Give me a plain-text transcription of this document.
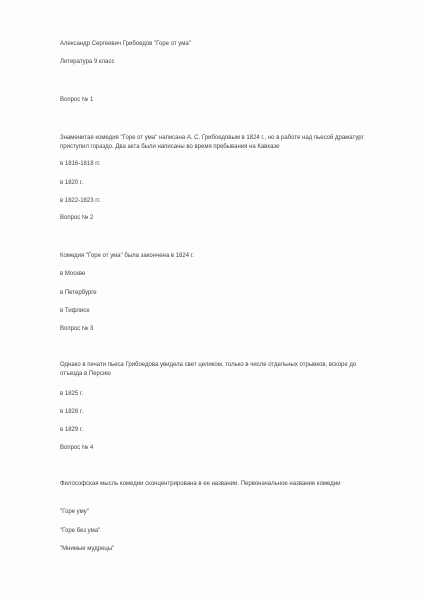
Александр Сергеевич Грибоедов "Горе от ума"
Литература 9 класс
Вопрос № 1
Знаменитая комедия "Горе от ума" написана А. С. Грибоедовым в 1824 г., но в работе над пьесой драматург приступил гораздо. Два акта были написаны во время пребывания на Кавказе
в 1816-1818 гг.
в 1820 г.
в 1822-1823 гг.
Вопрос № 2
Комедия "Горе от ума" была закончена в 1824 г.
в Москве
в Петербурге
в Тифлисе
Вопрос № 3
Однако в печати пьеса Грибоедова увидела свет целиком, только в числе отдельных отрывков, вскоре до отъезда в Персию
в 1825 г.
в 1828 г.
в 1829 г.
Вопрос № 4
Философская мысль комедии сконцентрирована в ее названии. Первоначальное название комедии
"Горе уму"
"Горе без ума"
"Мнимые мудрецы"
